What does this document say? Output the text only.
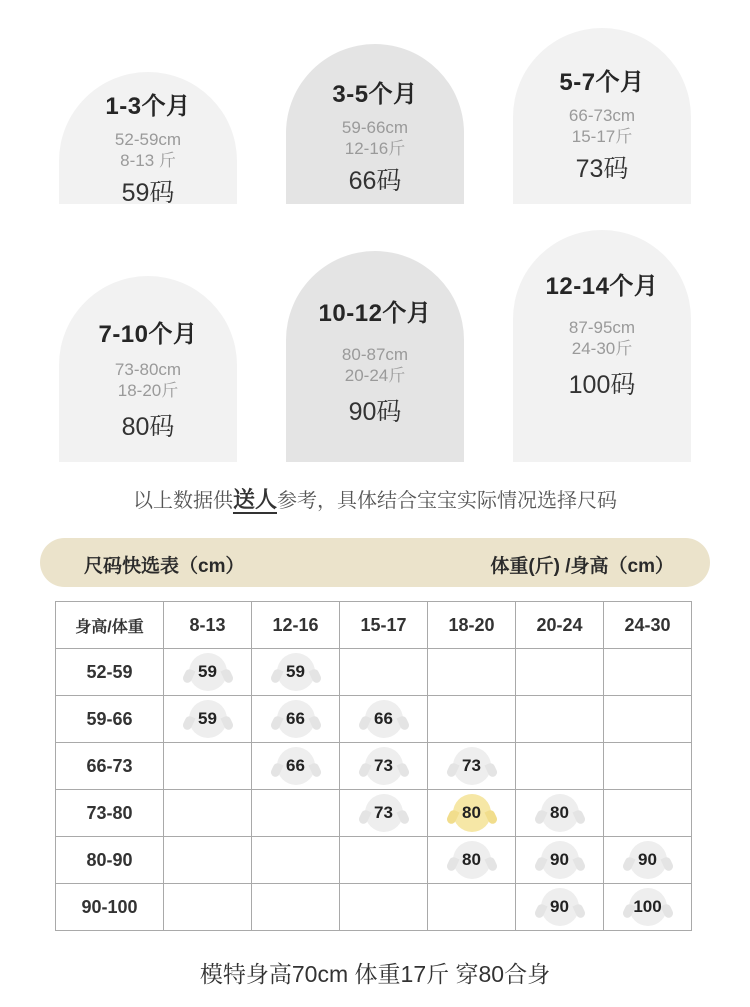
1-3个月
52-59cm
8-13 斤
59码
3-5个月
59-66cm
12-16斤
66码
5-7个月
66-73cm
15-17斤
73码
7-10个月
73-80cm
18-20斤
80码
10-12个月
80-87cm
20-24斤
90码
12-14个月
87-95cm
24-30斤
100码
以上数据供送人参考，具体结合宝宝实际情况选择尺码
尺码快选表（cm）	体重(斤) /身高（cm）
身高/体重	8-13	12-16	15-17	18-20	20-24	24-30
52-59	59	59				

59-66	59	66	66			

66-73		66	73	73		

73-80			73	80	80	

80-90				80	90	90

90-100					90	100
模特身高70cm 体重17斤 穿80合身
